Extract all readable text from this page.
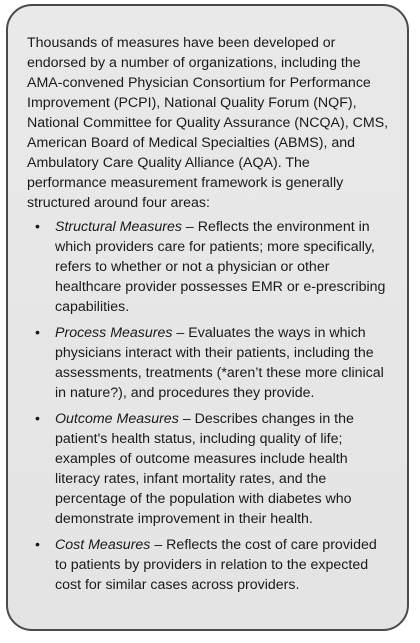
Thousands of measures have been developed or endorsed by a number of organizations, including the AMA-convened Physician Consortium for Performance Improvement (PCPI), National Quality Forum (NQF), National Committee for Quality Assurance (NCQA), CMS, American Board of Medical Specialties (ABMS), and Ambulatory Care Quality Alliance (AQA). The performance measurement framework is generally structured around four areas:

• Structural Measures – Reflects the environment in which providers care for patients; more specifically, refers to whether or not a physician or other healthcare provider possesses EMR or e-prescribing capabilities.
• Process Measures – Evaluates the ways in which physicians interact with their patients, including the assessments, treatments (*aren’t these more clinical in nature?), and procedures they provide.
• Outcome Measures – Describes changes in the patient's health status, including quality of life; examples of outcome measures include health literacy rates, infant mortality rates, and the percentage of the population with diabetes who demonstrate improvement in their health.
• Cost Measures – Reflects the cost of care provided to patients by providers in relation to the expected cost for similar cases across providers.
